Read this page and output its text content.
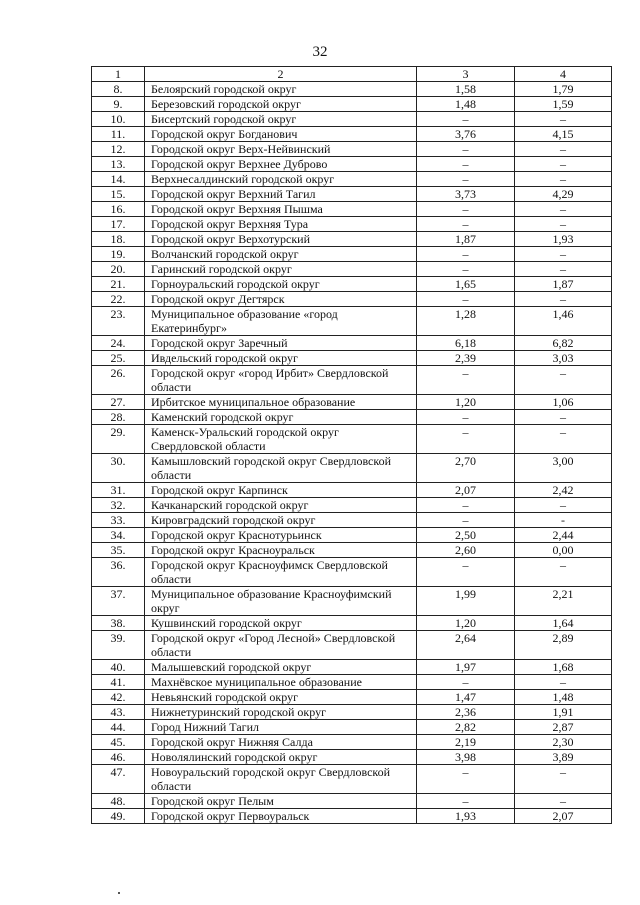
32
1	2	3	4
8.	Белоярский городской округ	1,58	1,79
9.	Березовский городской округ	1,48	1,59
10.	Бисертский городской округ	–	–
11.	Городской округ Богданович	3,76	4,15
12.	Городской округ Верх-Нейвинский	–	–
13.	Городской округ Верхнее Дуброво	–	–
14.	Верхнесалдинский городской округ	–	–
15.	Городской округ Верхний Тагил	3,73	4,29
16.	Городской округ Верхняя Пышма	–	–
17.	Городской округ Верхняя Тура	–	–
18.	Городской округ Верхотурский	1,87	1,93
19.	Волчанский городской округ	–	–
20.	Гаринский городской округ	–	–
21.	Горноуральский городской округ	1,65	1,87
22.	Городской округ Дегтярск	–	–
23.	Муниципальное образование «город Екатеринбург»	1,28	1,46
24.	Городской округ Заречный	6,18	6,82
25.	Ивдельский городской округ	2,39	3,03
26.	Городской округ «город Ирбит» Свердловской области	–	–
27.	Ирбитское муниципальное образование	1,20	1,06
28.	Каменский городской округ	–	–
29.	Каменск-Уральский городской округ Свердловской области	–	–
30.	Камышловский городской округ Свердловской области	2,70	3,00
31.	Городской округ Карпинск	2,07	2,42
32.	Качканарский городской округ	–	–
33.	Кировградский городской округ	–	-
34.	Городской округ Краснотурьинск	2,50	2,44
35.	Городской округ Красноуральск	2,60	0,00
36.	Городской округ Красноуфимск Свердловской области	–	–
37.	Муниципальное образование Красноуфимский округ	1,99	2,21
38.	Кушвинский городской округ	1,20	1,64
39.	Городской округ «Город Лесной» Свердловской области	2,64	2,89
40.	Малышевский городской округ	1,97	1,68
41.	Махнёвское муниципальное образование	–	–
42.	Невьянский городской округ	1,47	1,48
43.	Нижнетуринский городской округ	2,36	1,91
44.	Город Нижний Тагил	2,82	2,87
45.	Городской округ Нижняя Салда	2,19	2,30
46.	Новолялинский городской округ	3,98	3,89
47.	Новоуральский городской округ Свердловской области	–	–
48.	Городской округ Пелым	–	–
49.	Городской округ Первоуральск	1,93	2,07
